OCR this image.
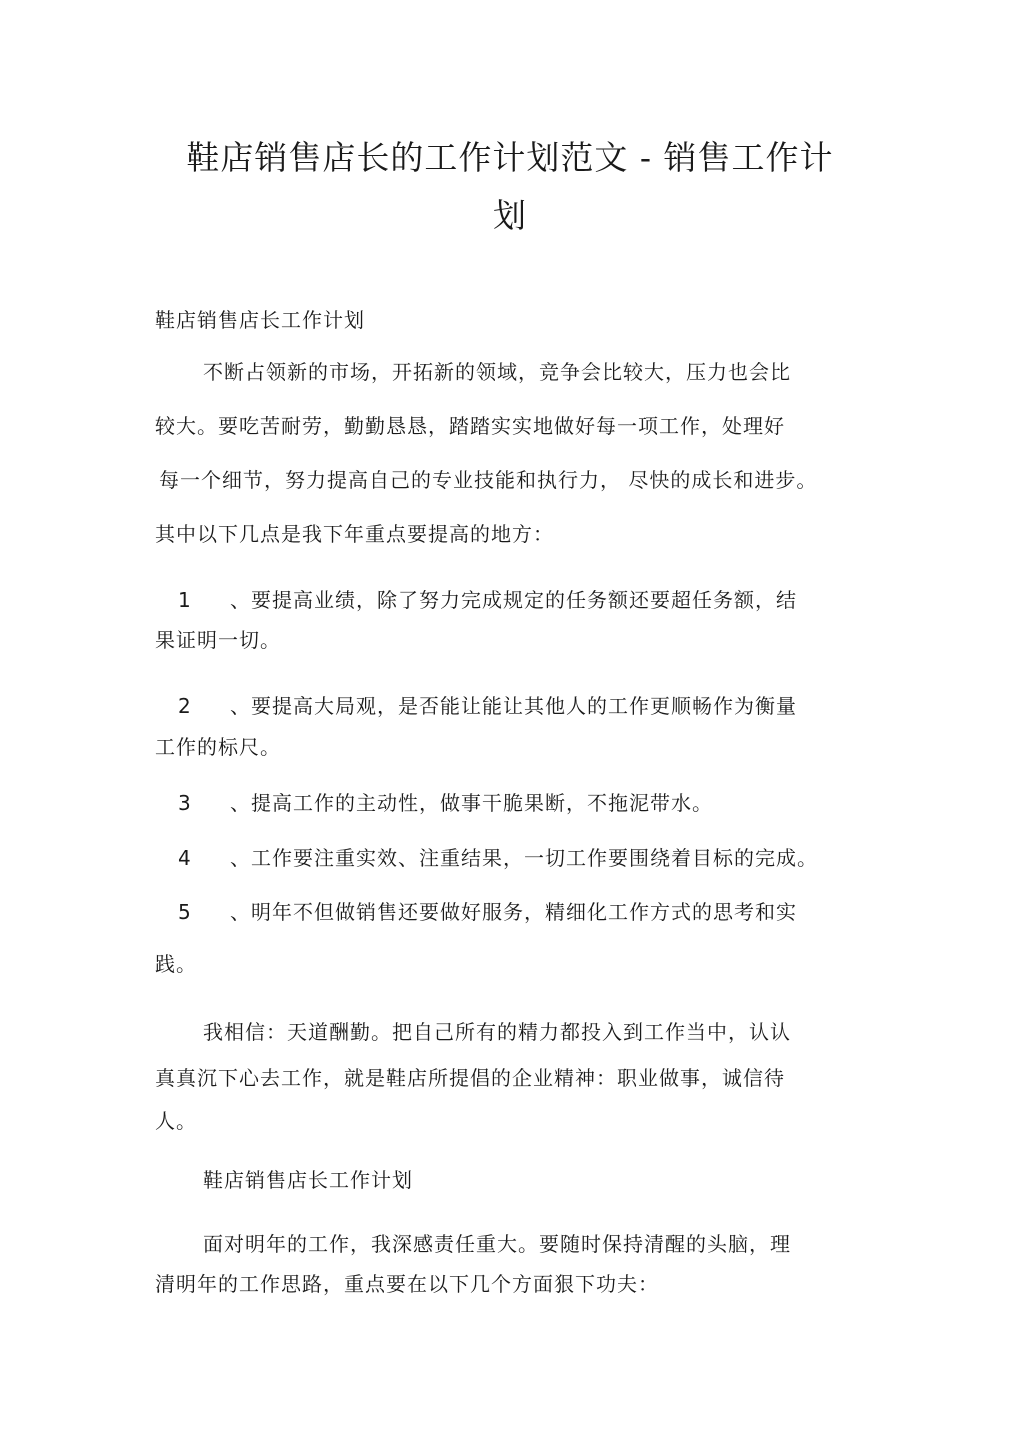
鞋店销售店长的工作计划范文 - 销售工作计
划

鞋店销售店长工作计划

不断占领新的市场，开拓新的领域，竞争会比较大，压力也会比

较大。要吃苦耐劳，勤勤恳恳，踏踏实实地做好每一项工作，处理好

每一个细节，努力提高自己的专业技能和执行力， 尽快的成长和进步。

其中以下几点是我下年重点要提高的地方：

1 、要提高业绩，除了努力完成规定的任务额还要超任务额，结

果证明一切。

2 、要提高大局观，是否能让能让其他人的工作更顺畅作为衡量

工作的标尺。

3 、提高工作的主动性，做事干脆果断，不拖泥带水。

4 、工作要注重实效、注重结果，一切工作要围绕着目标的完成。

5 、明年不但做销售还要做好服务，精细化工作方式的思考和实

践。

我相信：天道酬勤。把自己所有的精力都投入到工作当中，认认

真真沉下心去工作，就是鞋店所提倡的企业精神：职业做事，诚信待

人。

鞋店销售店长工作计划

面对明年的工作，我深感责任重大。要随时保持清醒的头脑，理

清明年的工作思路，重点要在以下几个方面狠下功夫：
